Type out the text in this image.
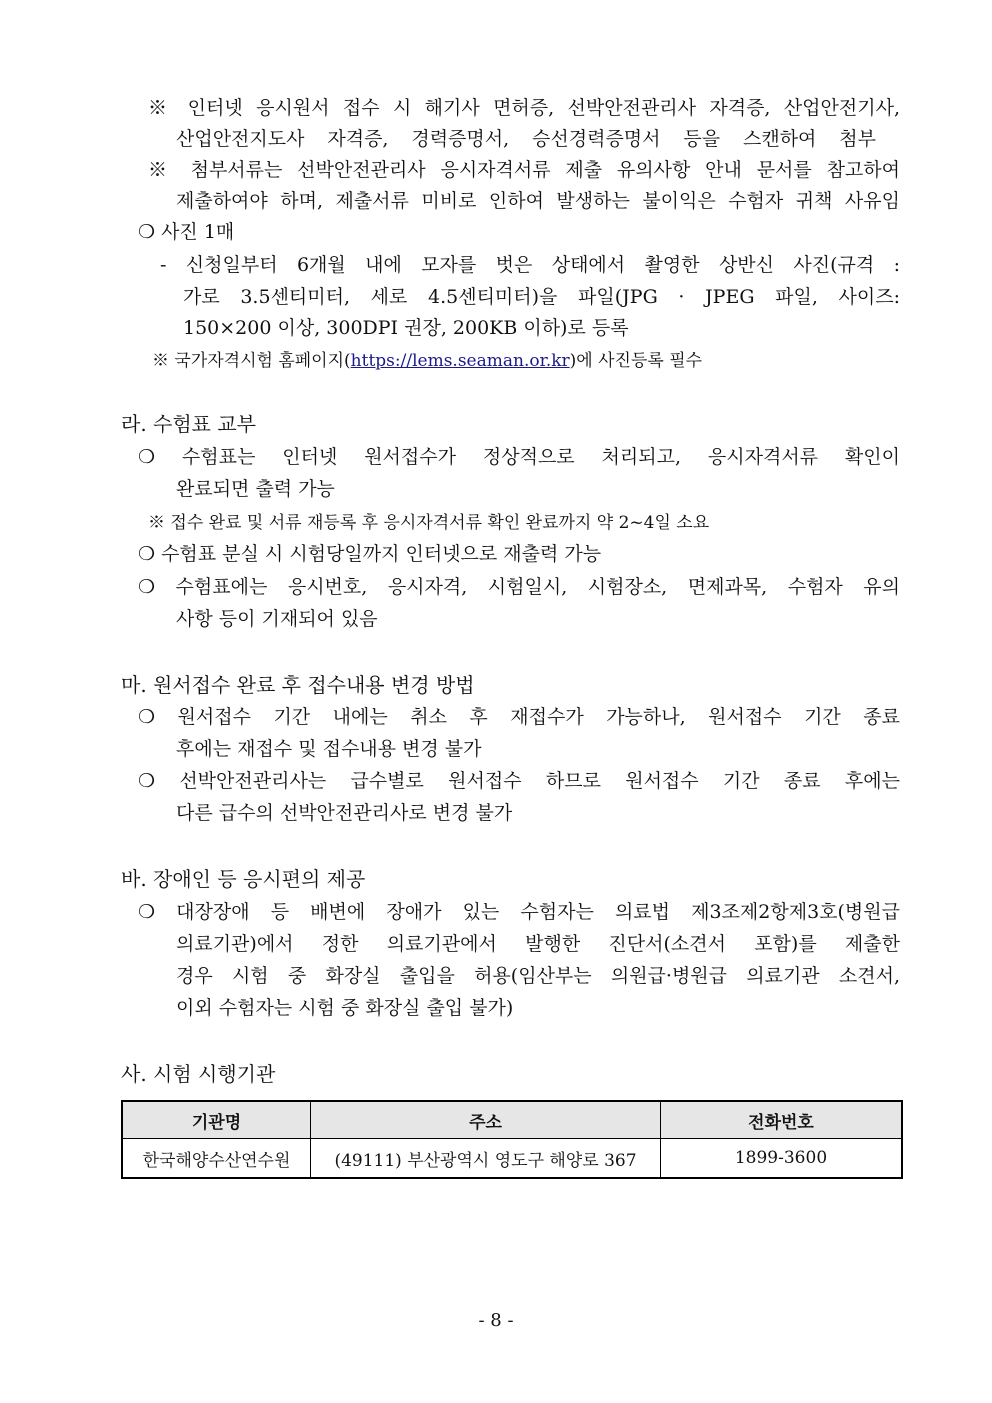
※ 인터넷 응시원서 접수 시 해기사 면허증, 선박안전관리사 자격증, 산업안전기사,
산업안전지도사 자격증, 경력증명서, 승선경력증명서 등을 스캔하여 첨부
※ 첨부서류는 선박안전관리사 응시자격서류 제출 유의사항 안내 문서를 참고하여
제출하여야 하며, 제출서류 미비로 인하여 발생하는 불이익은 수험자 귀책 사유임
❍ 사진 1매
- 신청일부터 6개월 내에 모자를 벗은 상태에서 촬영한 상반신 사진(규격 :
가로 3.5센티미터, 세로 4.5센티미터)을 파일(JPG · JPEG 파일, 사이즈:
150×200 이상, 300DPI 권장, 200KB 이하)로 등록
※ 국가자격시험 홈페이지(https://lems.seaman.or.kr)에 사진등록 필수
라. 수험표 교부
❍ 수험표는 인터넷 원서접수가 정상적으로 처리되고, 응시자격서류 확인이
완료되면 출력 가능
※ 접수 완료 및 서류 재등록 후 응시자격서류 확인 완료까지 약 2~4일 소요
❍ 수험표 분실 시 시험당일까지 인터넷으로 재출력 가능
❍ 수험표에는 응시번호, 응시자격, 시험일시, 시험장소, 면제과목, 수험자 유의
사항 등이 기재되어 있음
마. 원서접수 완료 후 접수내용 변경 방법
❍ 원서접수 기간 내에는 취소 후 재접수가 가능하나, 원서접수 기간 종료
후에는 재접수 및 접수내용 변경 불가
❍ 선박안전관리사는 급수별로 원서접수 하므로 원서접수 기간 종료 후에는
다른 급수의 선박안전관리사로 변경 불가
바. 장애인 등 응시편의 제공
❍ 대장장애 등 배변에 장애가 있는 수험자는 의료법 제3조제2항제3호(병원급
의료기관)에서 정한 의료기관에서 발행한 진단서(소견서 포함)를 제출한
경우 시험 중 화장실 출입을 허용(임산부는 의원급·병원급 의료기관 소견서,
이외 수험자는 시험 중 화장실 출입 불가)
사. 시험 시행기관
기관명	주소	전화번호
한국해양수산연수원	(49111) 부산광역시 영도구 해양로 367	1899-3600
- 8 -
